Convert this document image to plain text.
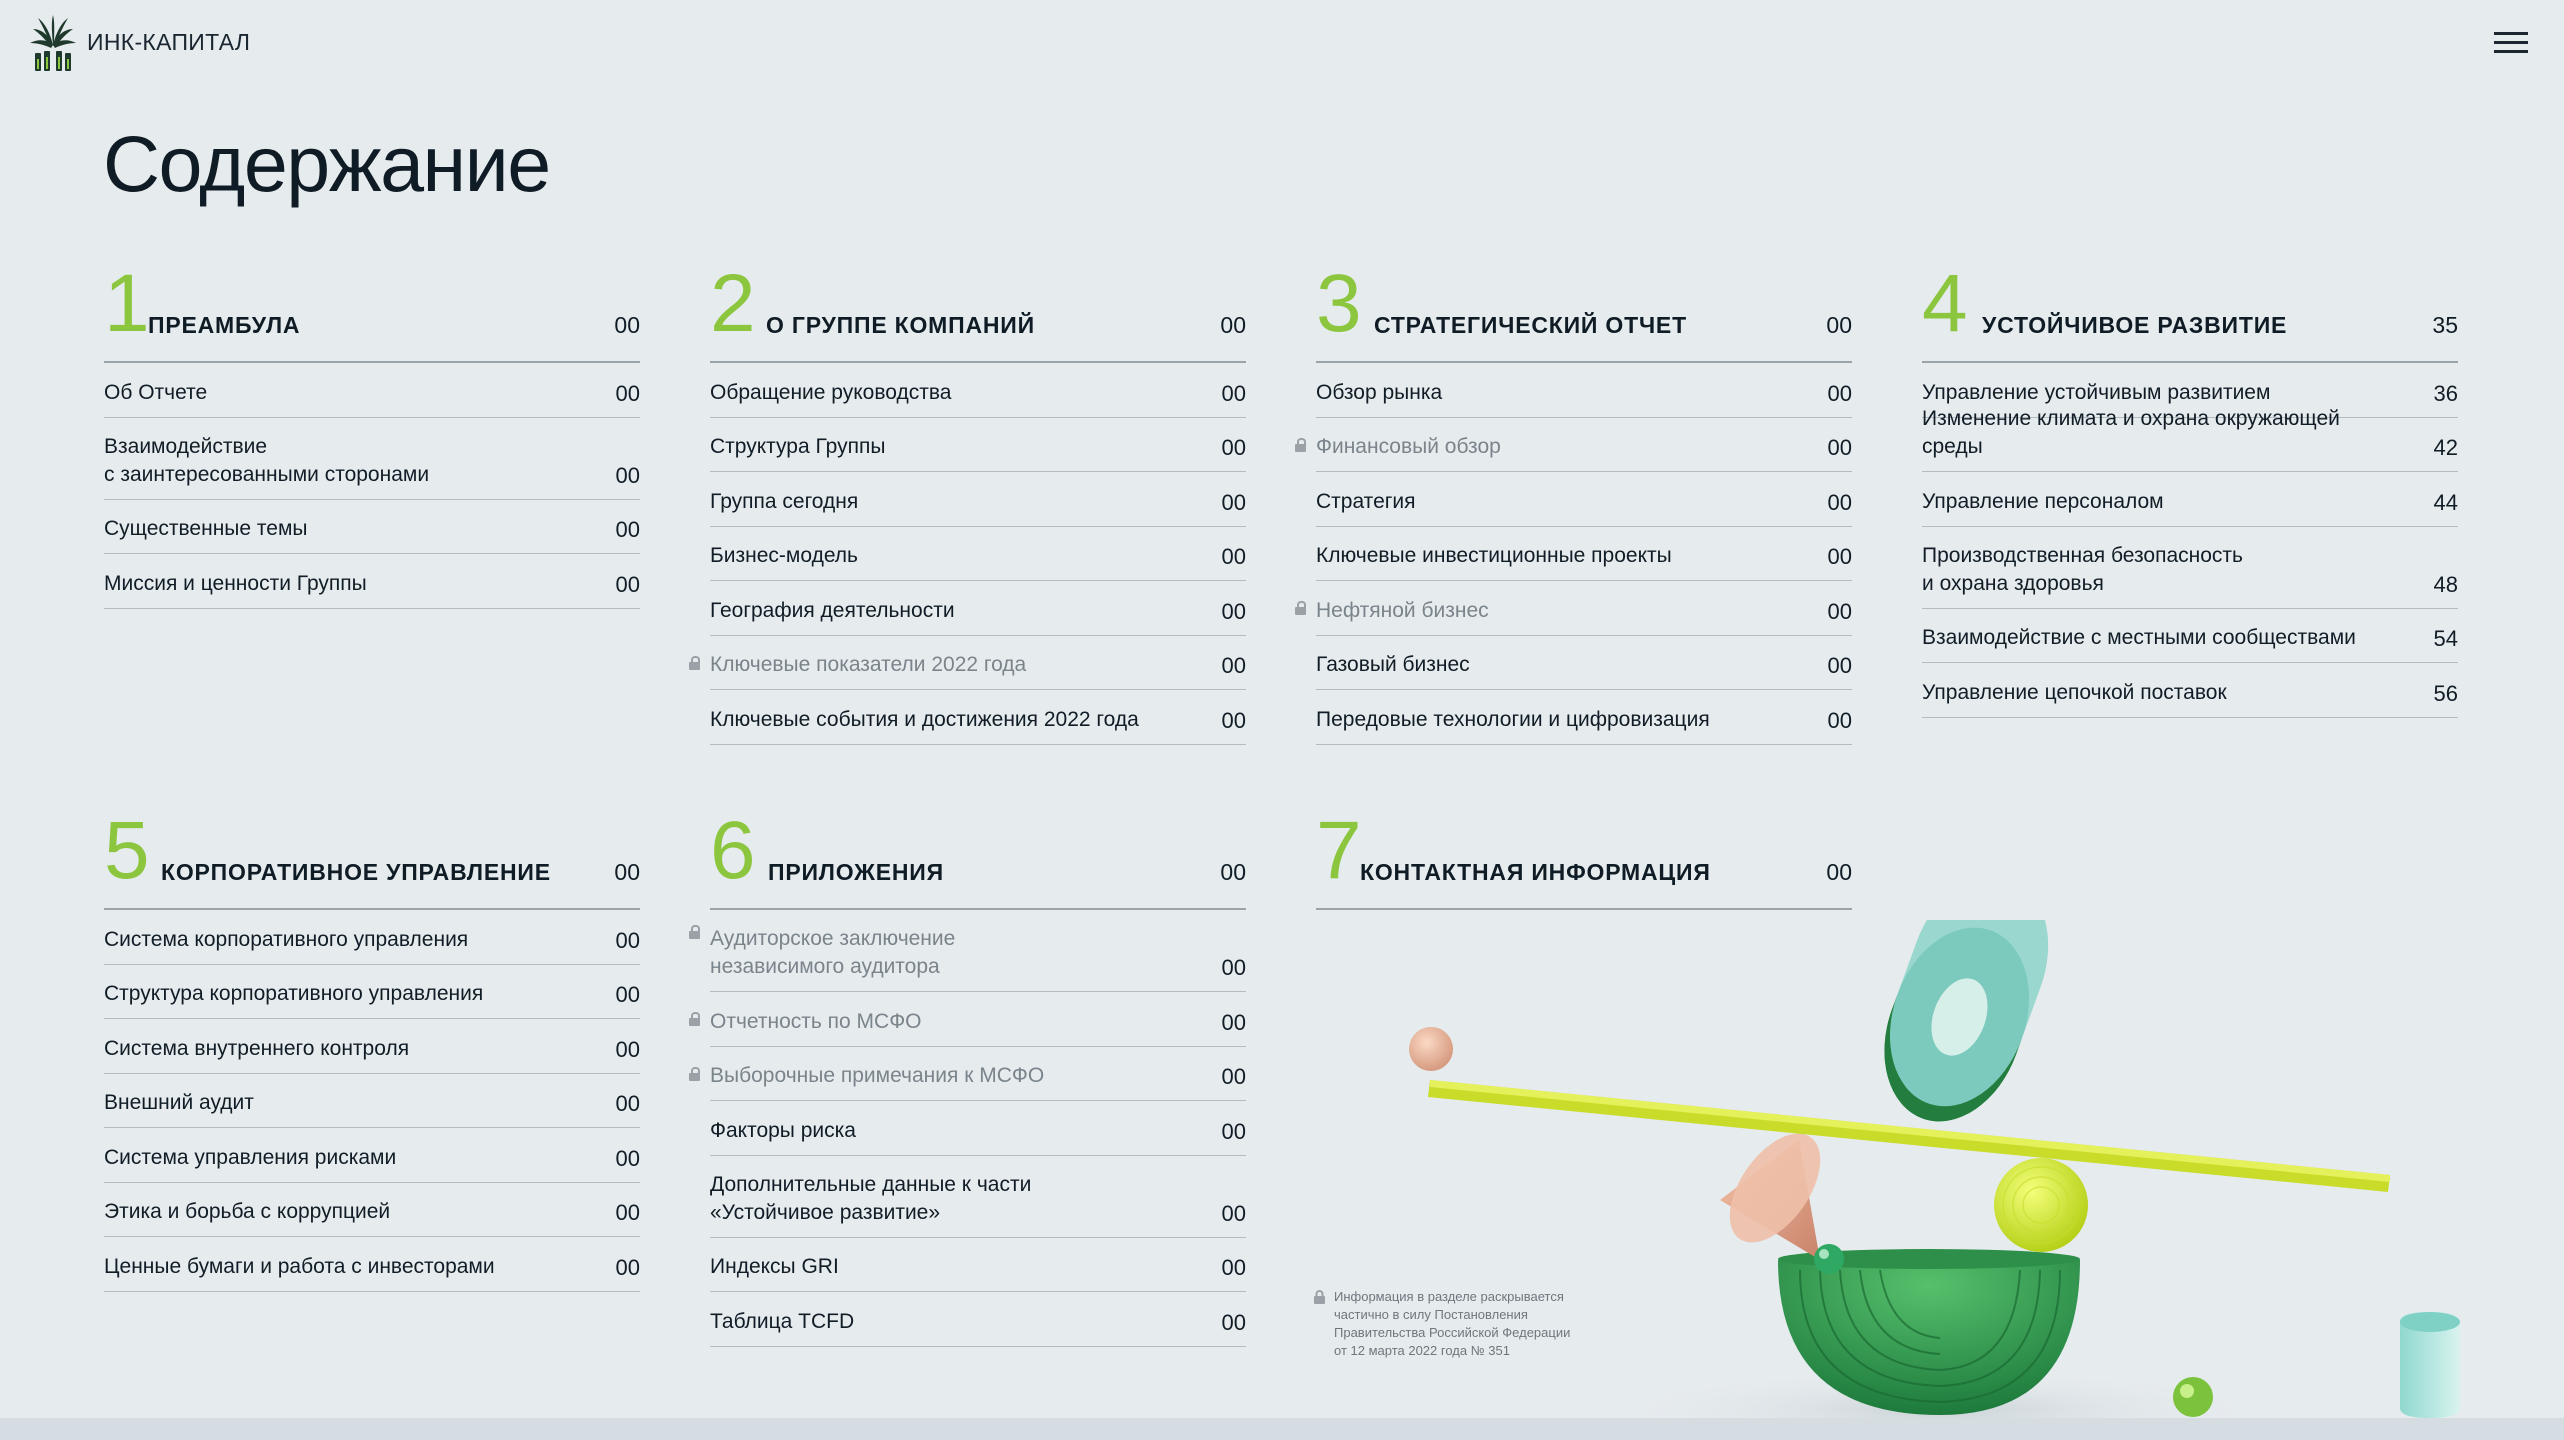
ИНК-КАПИТАЛ
Содержание
1
ПРЕАМБУЛА	00
Об Отчете	00
Взаимодействие
с заинтересованными сторонами	00
Существенные темы	00
Миссия и ценности Группы	00
2 О ГРУППЕ КОМПАНИЙ	00
Обращение руководства	00
Структура Группы	00
Группа сегодня	00
Бизнес-модель	00
География деятельности	00
Ключевые показатели 2022 года	00
Ключевые события и достижения 2022 года	00
3 СТРАТЕГИЧЕСКИЙ ОТЧЕТ	00
Обзор рынка	00
Финансовый обзор	00
Стратегия	00
Ключевые инвестиционные проекты	00
Нефтяной бизнес	00
Газовый бизнес	00
Передовые технологии и цифровизация	00
4 УСТОЙЧИВОЕ РАЗВИТИЕ	35
Управление устойчивым развитием	36
Изменение климата и охрана окружающей среды	42
Управление персоналом	44
Производственная безопасность
и охрана здоровья	48
Взаимодействие с местными сообществами	54
Управление цепочкой поставок	56
5 КОРПОРАТИВНОЕ УПРАВЛЕНИЕ	00
Система корпоративного управления	00
Структура корпоративного управления	00
Система внутреннего контроля	00
Внешний аудит	00
Система управления рисками	00
Этика и борьба с коррупцией	00
Ценные бумаги и работа с инвесторами	00
6 ПРИЛОЖЕНИЯ	00
Аудиторское заключение
независимого аудитора	00
Отчетность по МСФО	00
Выборочные примечания к МСФО	00
Факторы риска	00
Дополнительные данные к части
«Устойчивое развитие»	00
Индексы GRI	00
Таблица TCFD	00
7
КОНТАКТНАЯ ИНФОРМАЦИЯ	00
Информация в разделе раскрывается
частично в силу Постановления
Правительства Российской Федерации
от 12 марта 2022 года № 351
